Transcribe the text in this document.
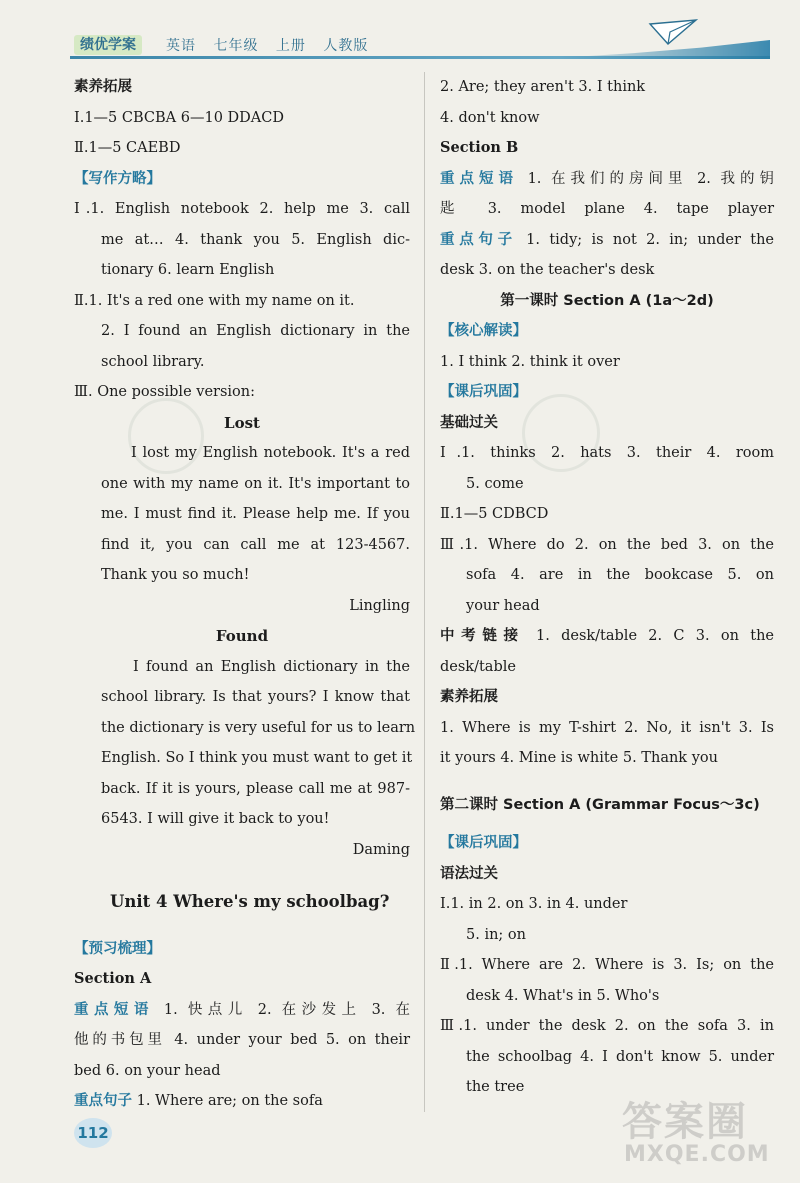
绩优学案	英语 七年级 上册 人教版
素养拓展
Ⅰ.1—5 CBCBA 6—10 DDACD
Ⅱ.1—5 CAEBD
【写作方略】
Ⅰ.1. English notebook 2. help me 3. call
me at… 4. thank you 5. English dic-
tionary 6. learn English
Ⅱ.1. It's a red one with my name on it.
2. I found an English dictionary in the
school library.
Ⅲ. One possible version:
Lost
I lost my English notebook. It's a red
one with my name on it. It's important to
me. I must find it. Please help me. If you
find it, you can call me at 123-4567.
Thank you so much!
Lingling
Found
I found an English dictionary in the
school library. Is that yours? I know that
the dictionary is very useful for us to learn
English. So I think you must want to get it
back. If it is yours, please call me at 987-
6543. I will give it back to you!
Daming
Unit 4 Where's my schoolbag?
【预习梳理】
Section A
重点短语 1. 快点儿 2. 在沙发上 3. 在
他的书包里 4. under your bed 5. on their
bed 6. on your head
重点句子 1. Where are; on the sofa
2. Are; they aren't 3. I think
4. don't know
Section B
重点短语 1. 在我们的房间里 2. 我的钥
匙 3. model plane 4. tape player
重点句子 1. tidy; is not 2. in; under the
desk 3. on the teacher's desk
第一课时 Section A (1a～2d)
【核心解读】
1. I think 2. think it over
【课后巩固】
基础过关
Ⅰ.1. thinks 2. hats 3. their 4. room
5. come
Ⅱ.1—5 CDBCD
Ⅲ.1. Where do 2. on the bed 3. on the
sofa 4. are in the bookcase 5. on
your head
中考链接 1. desk/table 2. C 3. on the
desk/table
素养拓展
1. Where is my T-shirt 2. No, it isn't 3. Is
it yours 4. Mine is white 5. Thank you
第二课时 Section A (Grammar Focus～3c)
【课后巩固】
语法过关
Ⅰ.1. in 2. on 3. in 4. under
5. in; on
Ⅱ.1. Where are 2. Where is 3. Is; on the
desk 4. What's in 5. Who's
Ⅲ.1. under the desk 2. on the sofa 3. in
the schoolbag 4. I don't know 5. under
the tree
112	答案圈
MXQE.COM
